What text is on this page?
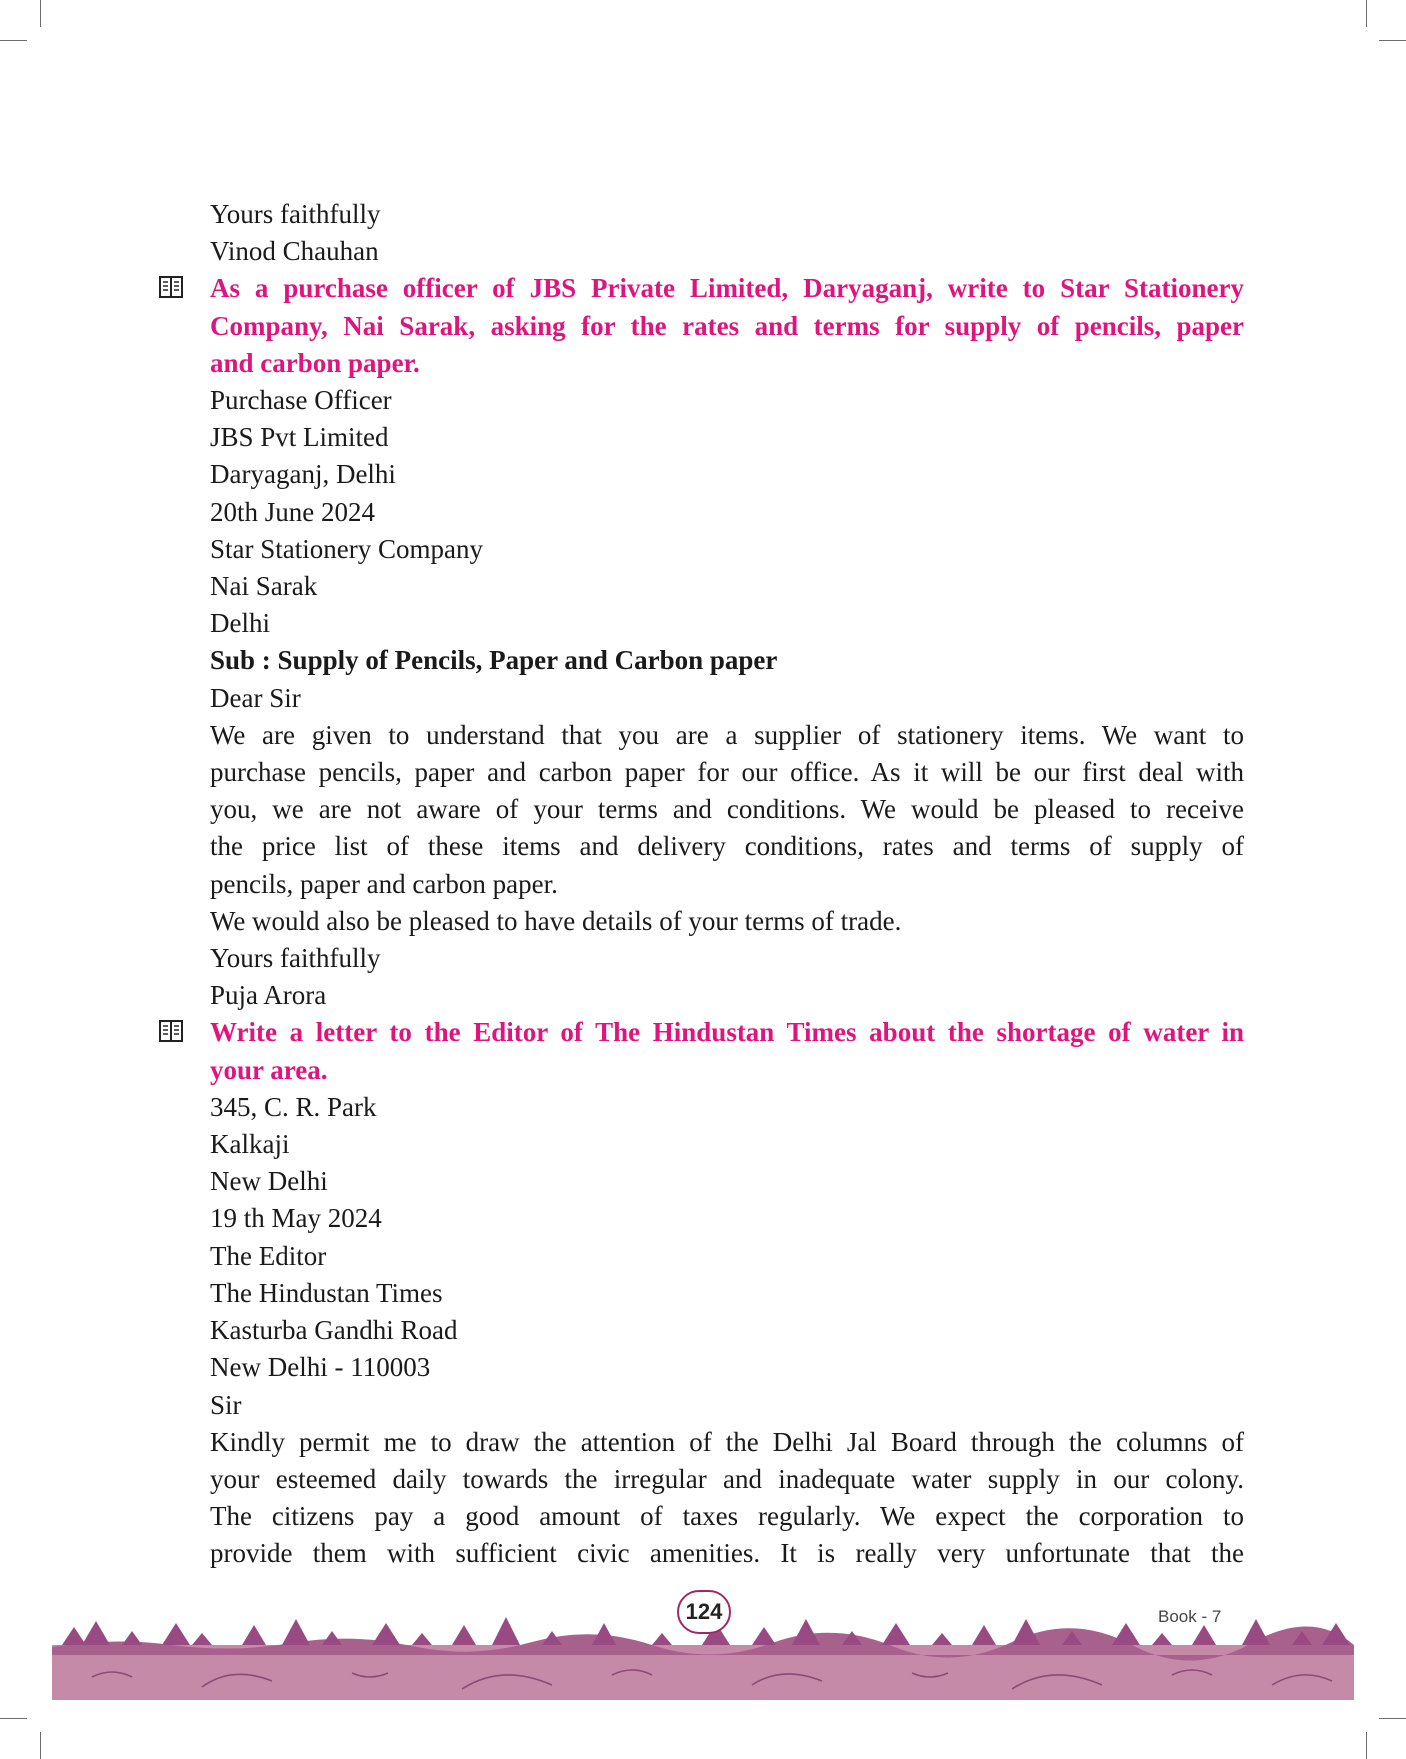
Yours faithfully
Vinod Chauhan
As a purchase officer of JBS Private Limited, Daryaganj, write to Star Stationery
Company, Nai Sarak, asking for the rates and terms for supply of pencils, paper
and carbon paper.
Purchase Officer
JBS Pvt Limited
Daryaganj, Delhi
20th June 2024
Star Stationery Company
Nai Sarak
Delhi
Sub : Supply of Pencils, Paper and Carbon paper
Dear Sir
We are given to understand that you are a supplier of stationery items. We want to
purchase pencils, paper and carbon paper for our office. As it will be our first deal with
you, we are not aware of your terms and conditions. We would be pleased to receive
the price list of these items and delivery conditions, rates and terms of supply of
pencils, paper and carbon paper.
We would also be pleased to have details of your terms of trade.
Yours faithfully
Puja Arora
Write a letter to the Editor of The Hindustan Times about the shortage of water in
your area.
345, C. R. Park
Kalkaji
New Delhi
19 th May 2024
The Editor
The Hindustan Times
Kasturba Gandhi Road
New Delhi - 110003
Sir
Kindly permit me to draw the attention of the Delhi Jal Board through the columns of
your esteemed daily towards the irregular and inadequate water supply in our colony.
The citizens pay a good amount of taxes regularly. We expect the corporation to
provide them with sufficient civic amenities. It is really very unfortunate that the
124	Book - 7
